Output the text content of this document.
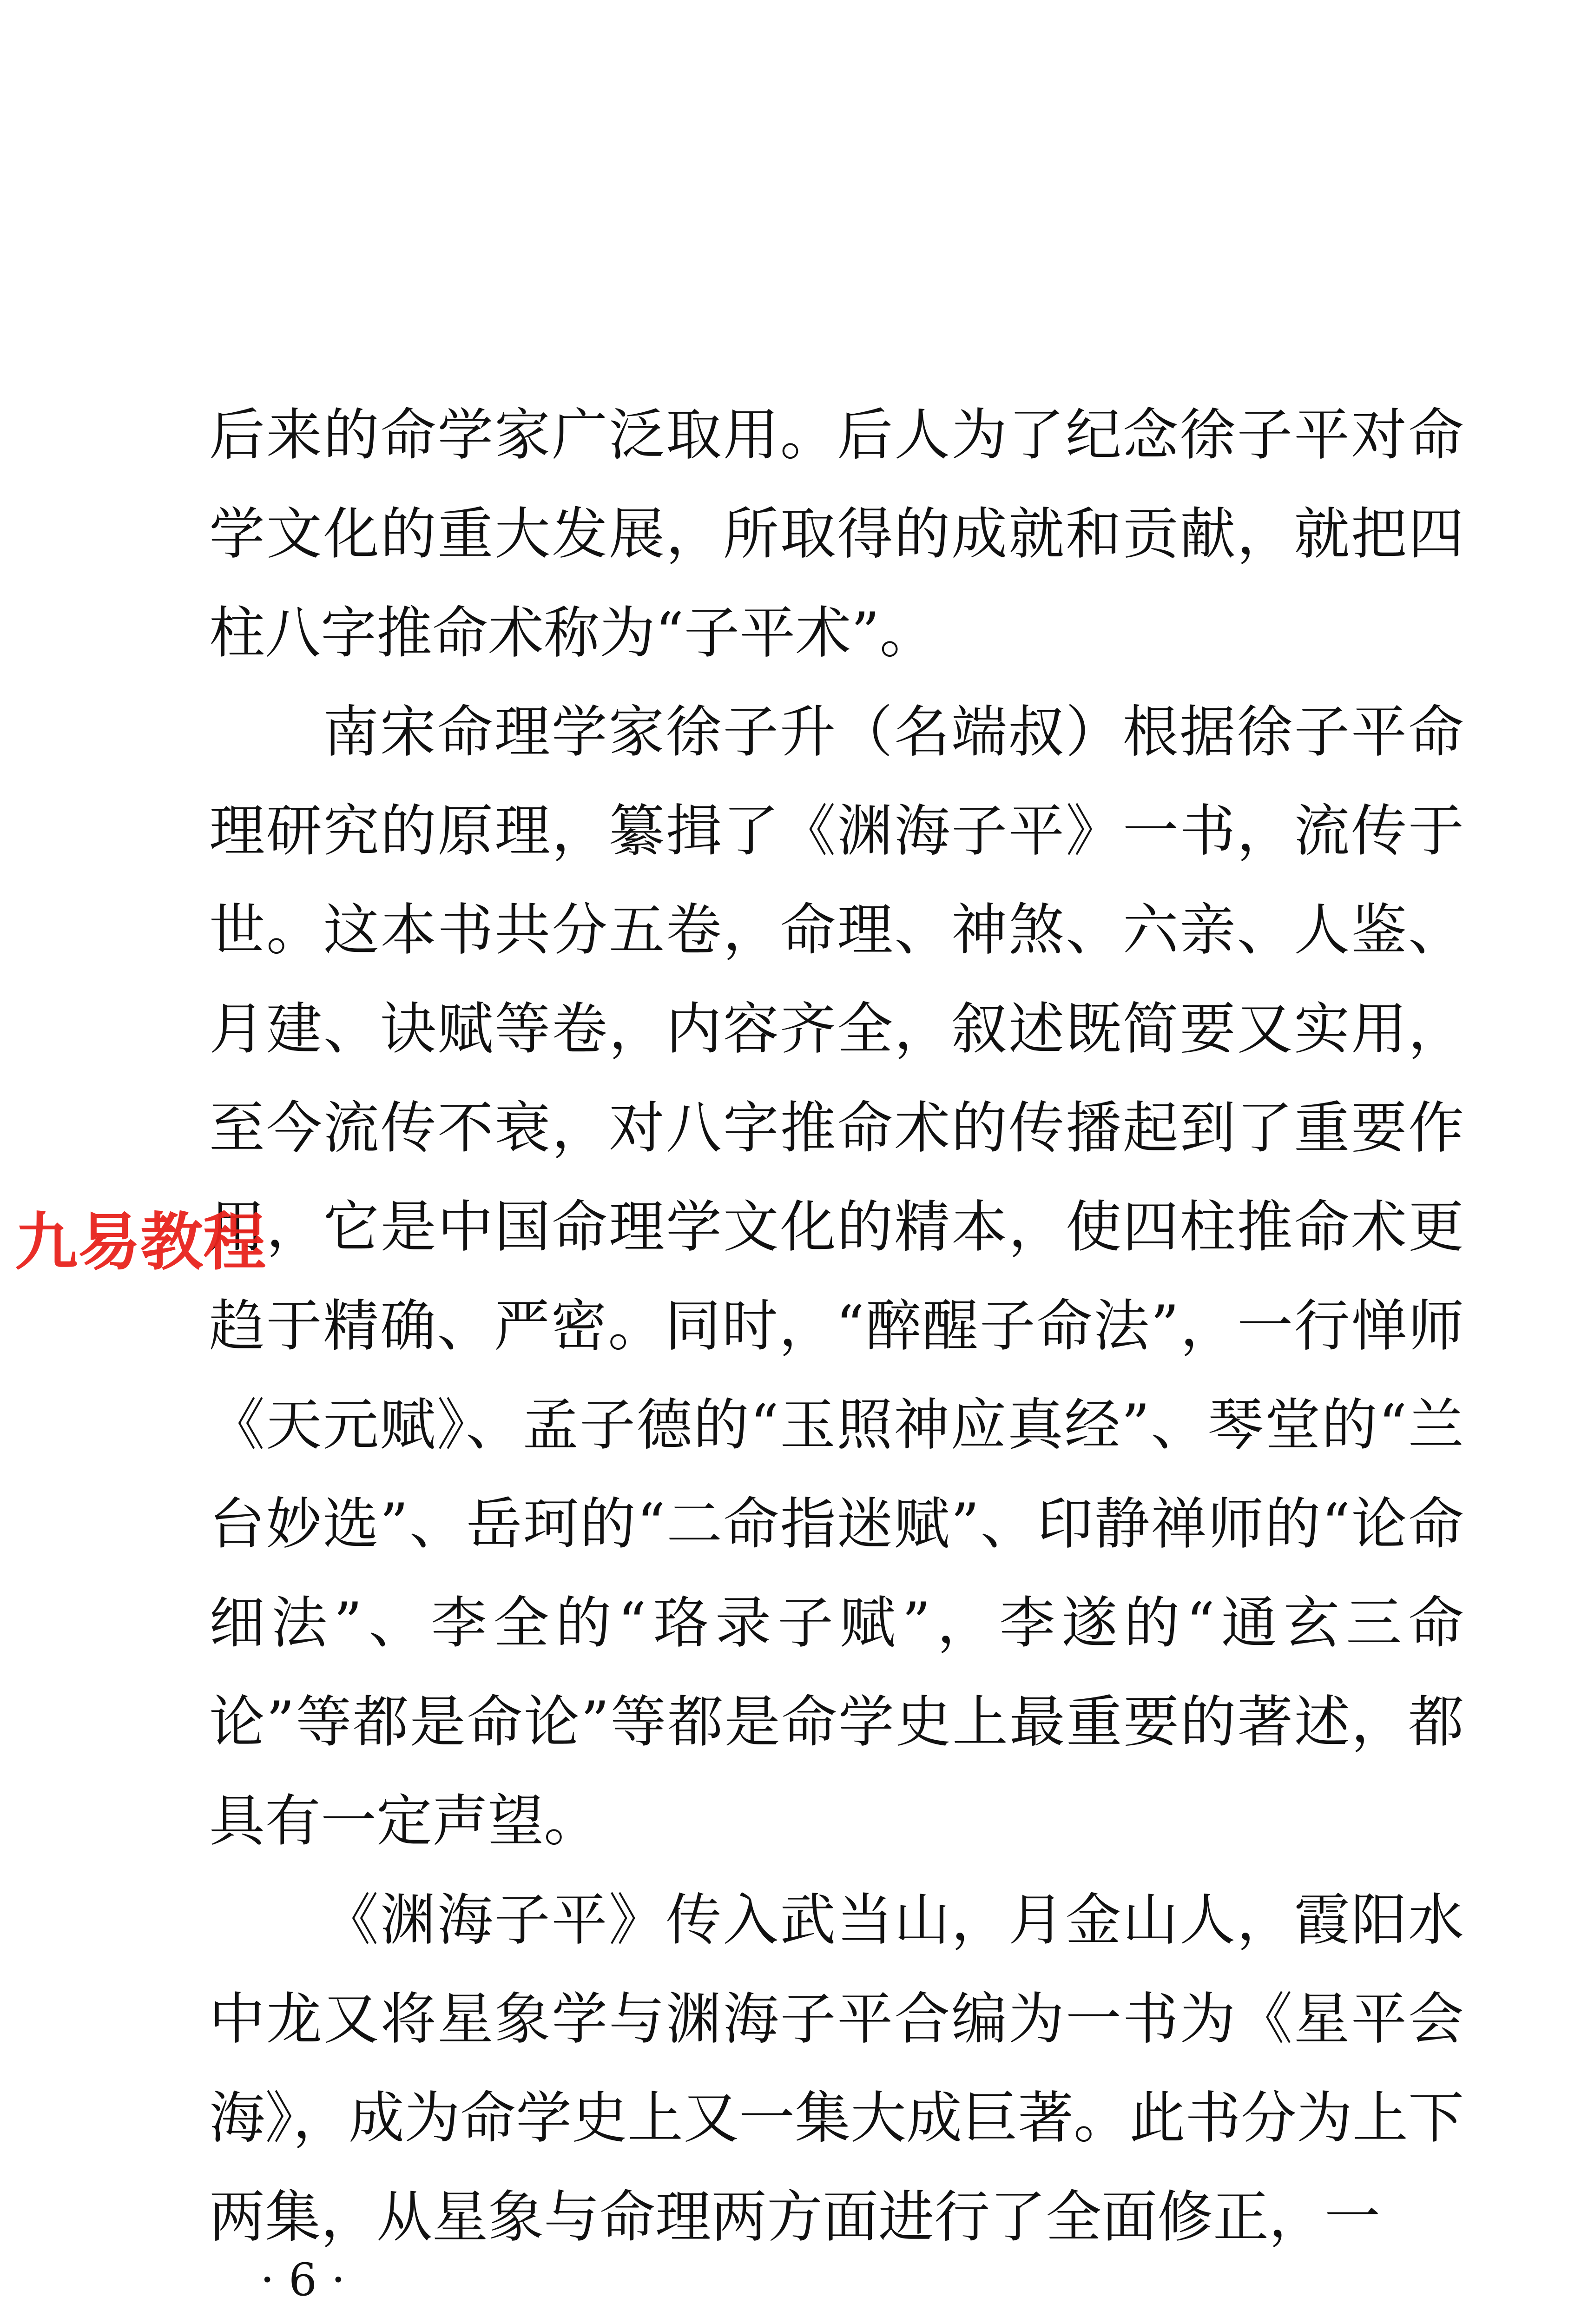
后来的命学家广泛取用。后人为了纪念徐子平对命学文化的重大发展，所取得的成就和贡献，就把四柱八字推命术称为“子平术”。

南宋命理学家徐子升（名端叔）根据徐子平命理研究的原理，纂揖了《渊海子平》一书，流传于世。这本书共分五卷，命理、神煞、六亲、人鉴、月建、诀赋等卷，内容齐全，叙述既简要又实用，至今流传不衰，对八字推命术的传播起到了重要作用，它是中国命理学文化的精本，使四柱推命术更趋于精确、严密。同时，“醉醒子命法”，一行惮师《天元赋》、孟子德的“玉照神应真经”、琴堂的“兰台妙选”、岳珂的“二命指迷赋”、印静禅师的“论命细法”、李全的“珞录子赋”，李遂的“通玄三命论”等都是命论”等都是命学史上最重要的著述，都具有一定声望。

《渊海子平》传入武当山，月金山人，霞阳水中龙又将星象学与渊海子平合编为一书为《星平会海》，成为命学史上又一集大成巨著。此书分为上下两集，从星象与命理两方面进行了全面修正，一

九易教程
· 6 ·
